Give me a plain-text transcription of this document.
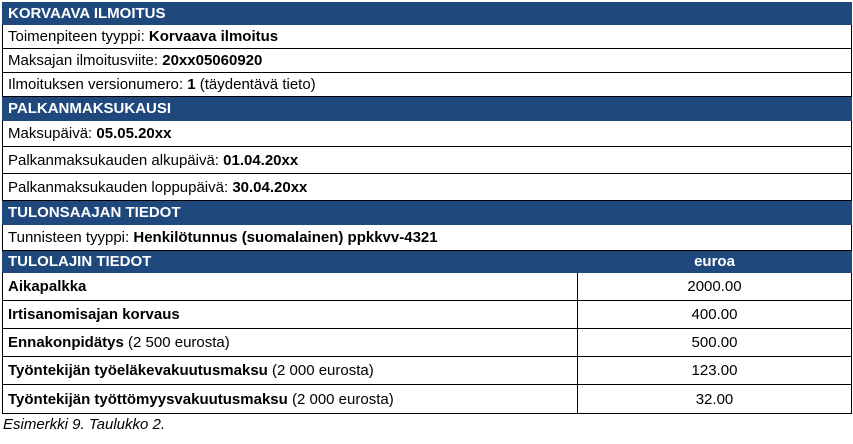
KORVAAVA ILMOITUS	
Toimenpiteen tyyppi: Korvaava ilmoitus	
Maksajan ilmoitusviite: 20xx05060920	
Ilmoituksen versionumero: 1 (täydentävä tieto)	
PALKANMAKSUKAUSI	
Maksupäivä: 05.05.20xx	
Palkanmaksukauden alkupäivä: 01.04.20xx	
Palkanmaksukauden loppupäivä: 30.04.20xx	
TULONSAAJAN TIEDOT	
Tunnisteen tyyppi: Henkilötunnus (suomalainen) ppkkvv-4321	
TULOLAJIN TIEDOT	euroa
Aikapalkka	2000.00
Irtisanomisajan korvaus	400.00
Ennakonpidätys (2 500 eurosta)	500.00
Työntekijän työeläkevakuutusmaksu (2 000 eurosta)	123.00
Työntekijän työttömyysvakuutusmaksu (2 000 eurosta)	32.00
Esimerkki 9. Taulukko 2.
